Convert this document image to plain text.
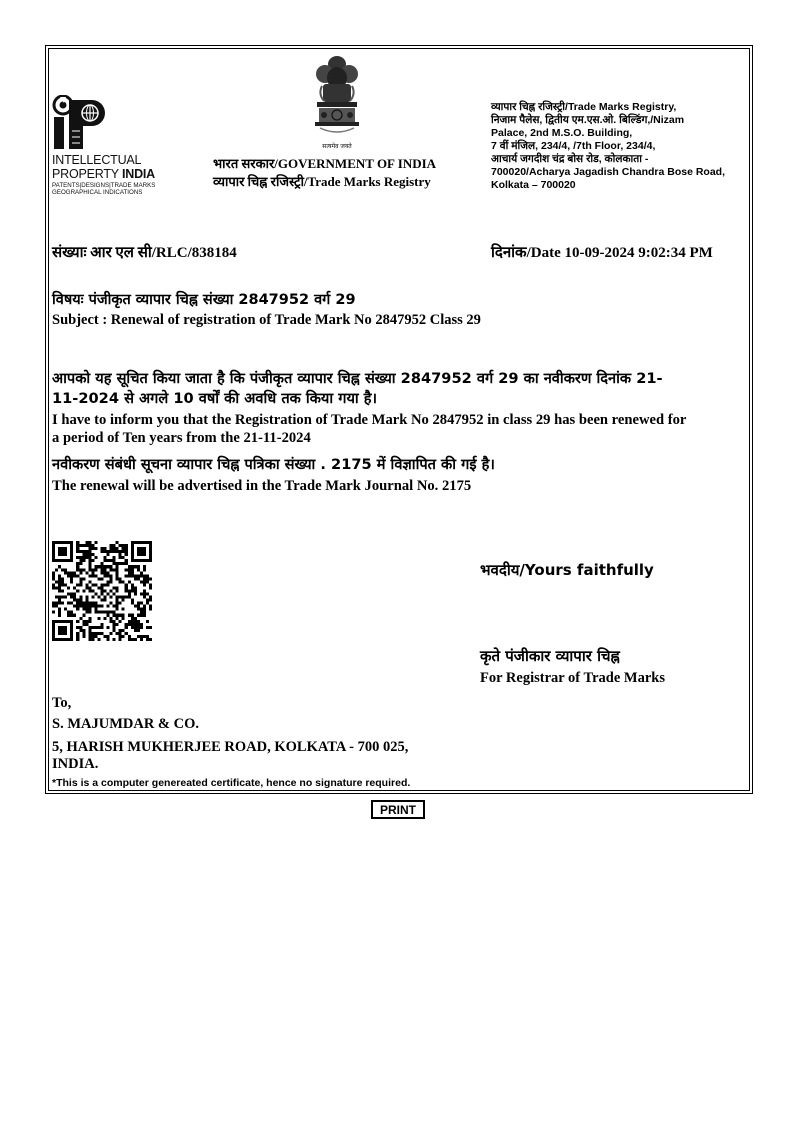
INTELLECTUAL
PROPERTY INDIA
PATENTS|DESIGNS|TRADE MARKS
GEOGRAPHICAL INDICATIONS
सत्यमेव जयते
भारत सरकार/GOVERNMENT OF INDIA
व्यापार चिह्न रजिस्ट्री/Trade Marks Registry
व्यापार चिह्न रजिस्ट्री/Trade Marks Registry,
निजाम पैलेस, द्वितीय एम.एस.ओ. बिल्डिंग,/Nizam
Palace, 2nd M.S.O. Building,
7 वीं मंजिल, 234/4, /7th Floor, 234/4,
आचार्य जगदीश चंद्र बोस रोड, कोलकाता -
700020/Acharya Jagadish Chandra Bose Road,
Kolkata – 700020
संख्याः आर एल सी/RLC/838184	दिनांक/Date 10-09-2024 9:02:34 PM
विषयः पंजीकृत व्यापार चिह्न संख्या 2847952 वर्ग 29
Subject : Renewal of registration of Trade Mark No 2847952 Class 29
आपको यह सूचित किया जाता है कि पंजीकृत व्यापार चिह्न संख्या 2847952 वर्ग 29 का नवीकरण दिनांक 21-
11-2024 से अगले 10 वर्षों की अवधि तक किया गया है।
I have to inform you that the Registration of Trade Mark No 2847952 in class 29 has been renewed for
a period of Ten years from the 21-11-2024
नवीकरण संबंधी सूचना व्यापार चिह्न पत्रिका संख्या . 2175 में विज्ञापित की गई है।
The renewal will be advertised in the Trade Mark Journal No. 2175
भवदीय/Yours faithfully
कृते पंजीकार व्यापार चिह्न
For Registrar of Trade Marks
To,
S. MAJUMDAR & CO.
5, HARISH MUKHERJEE ROAD, KOLKATA - 700 025,
INDIA.
*This is a computer genereated certificate, hence no signature required.
PRINT
